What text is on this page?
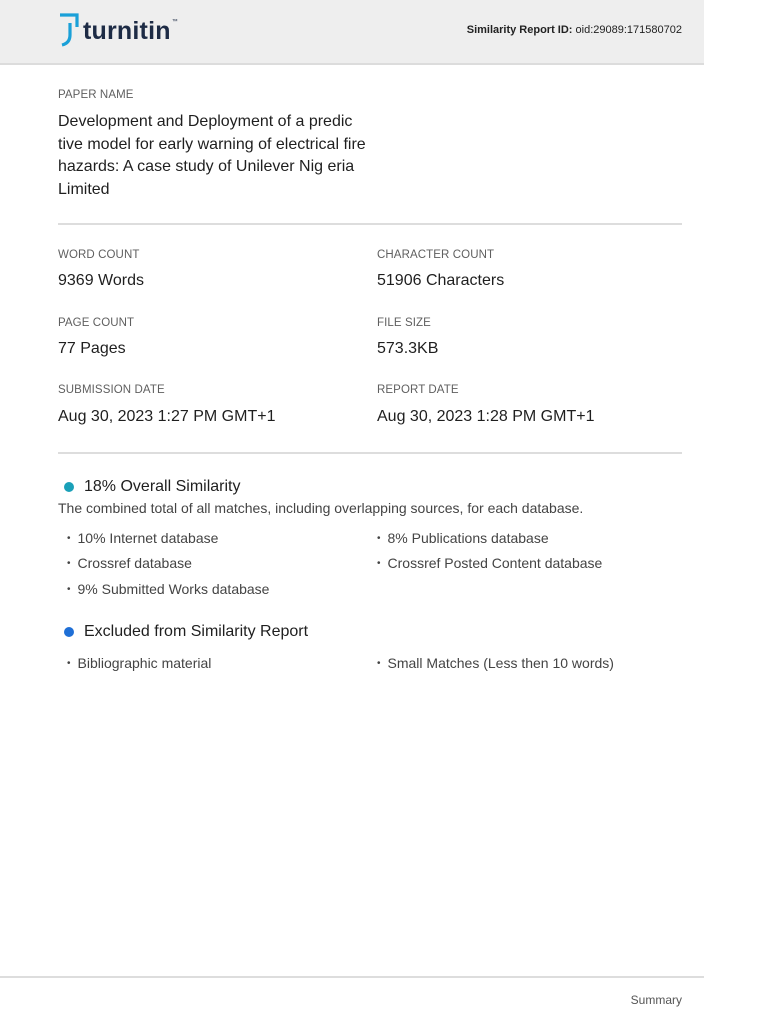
turnitin ™
Similarity Report ID: oid:29089:171580702
PAPER NAME
Development and Deployment of a predic tive model for early warning of electrical fire hazards: A case study of Unilever Nig eria Limited
WORD COUNT
9369 Words
CHARACTER COUNT
51906 Characters
PAGE COUNT
77 Pages
FILE SIZE
573.3KB
SUBMISSION DATE
Aug 30, 2023 1:27 PM GMT+1
REPORT DATE
Aug 30, 2023 1:28 PM GMT+1
18% Overall Similarity
The combined total of all matches, including overlapping sources, for each database.
• 10% Internet database	• 8% Publications database
• Crossref database	• Crossref Posted Content database
• 9% Submitted Works database
Excluded from Similarity Report
• Bibliographic material	• Small Matches (Less then 10 words)
Summary
